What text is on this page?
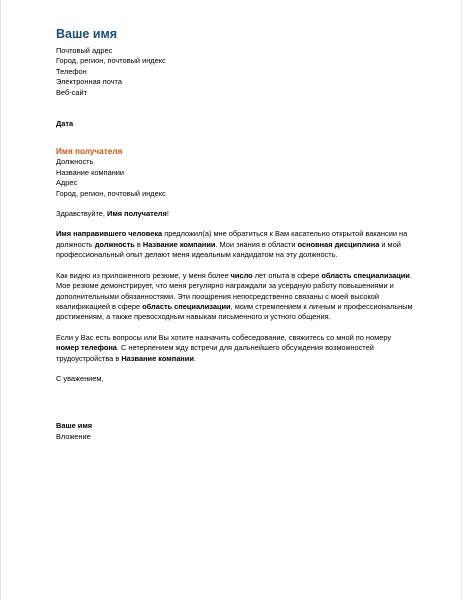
Ваше имя
Почтовый адрес
Город, регион, почтовый индекс
Телефон
Электронная почта
Веб-сайт
Дата
Имя получателя
Должность
Название компании
Адрес
Город, регион, почтовый индекс
Здравствуйте, Имя получателя!

Имя направившего человека предложил(а) мне обратиться к Вам касательно открытой вакансии на должность должность в Название компании. Мои знания в области основная дисциплина и мой профессиональный опыт делают меня идеальным кандидатом на эту должность.

Как видно из приложенного резюме, у меня более число лет опыта в сфере область специализации. Мое резюме демонстрирует, что меня регулярно награждали за усердную работу повышениями и дополнительными обязанностями. Эти поощрения непосредственно связаны с моей высокой квалификацией в сфере область специализации, моим стремлением к личным и профессиональным достижениям, а также превосходным навыкам письменного и устного общения.

Если у Вас есть вопросы или Вы хотите назначить собеседование, свяжитесь со мной по номеру номер телефона. С нетерпением жду встречи для дальнейшего обсуждения возможностей трудоустройства в Название компании.

С уважением,
Ваше имя
Вложение
